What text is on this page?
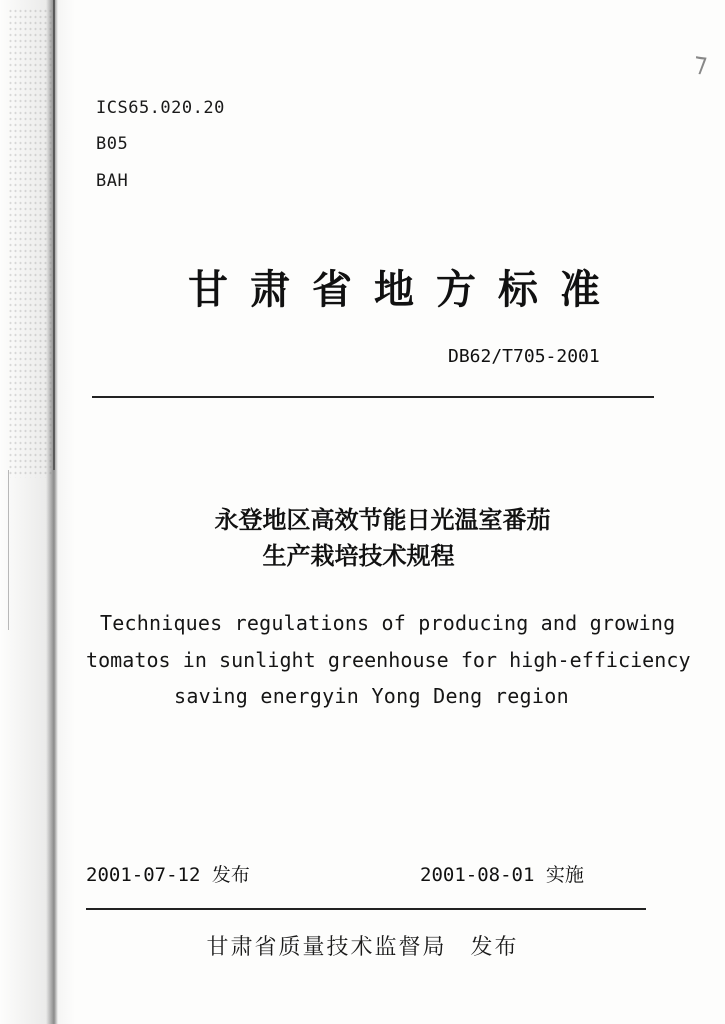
⁊
ICS65.020.20
B05
BAH
甘肃省地方标准
DB62/T705-2001
永登地区高效节能日光温室番茄
生产栽培技术规程
Techniques regulations of producing and growing
tomatos in sunlight greenhouse for high-efficiency
saving energyin Yong Deng region
2001-07-12 发布	2001-08-01 实施
甘肃省质量技术监督局 发布
